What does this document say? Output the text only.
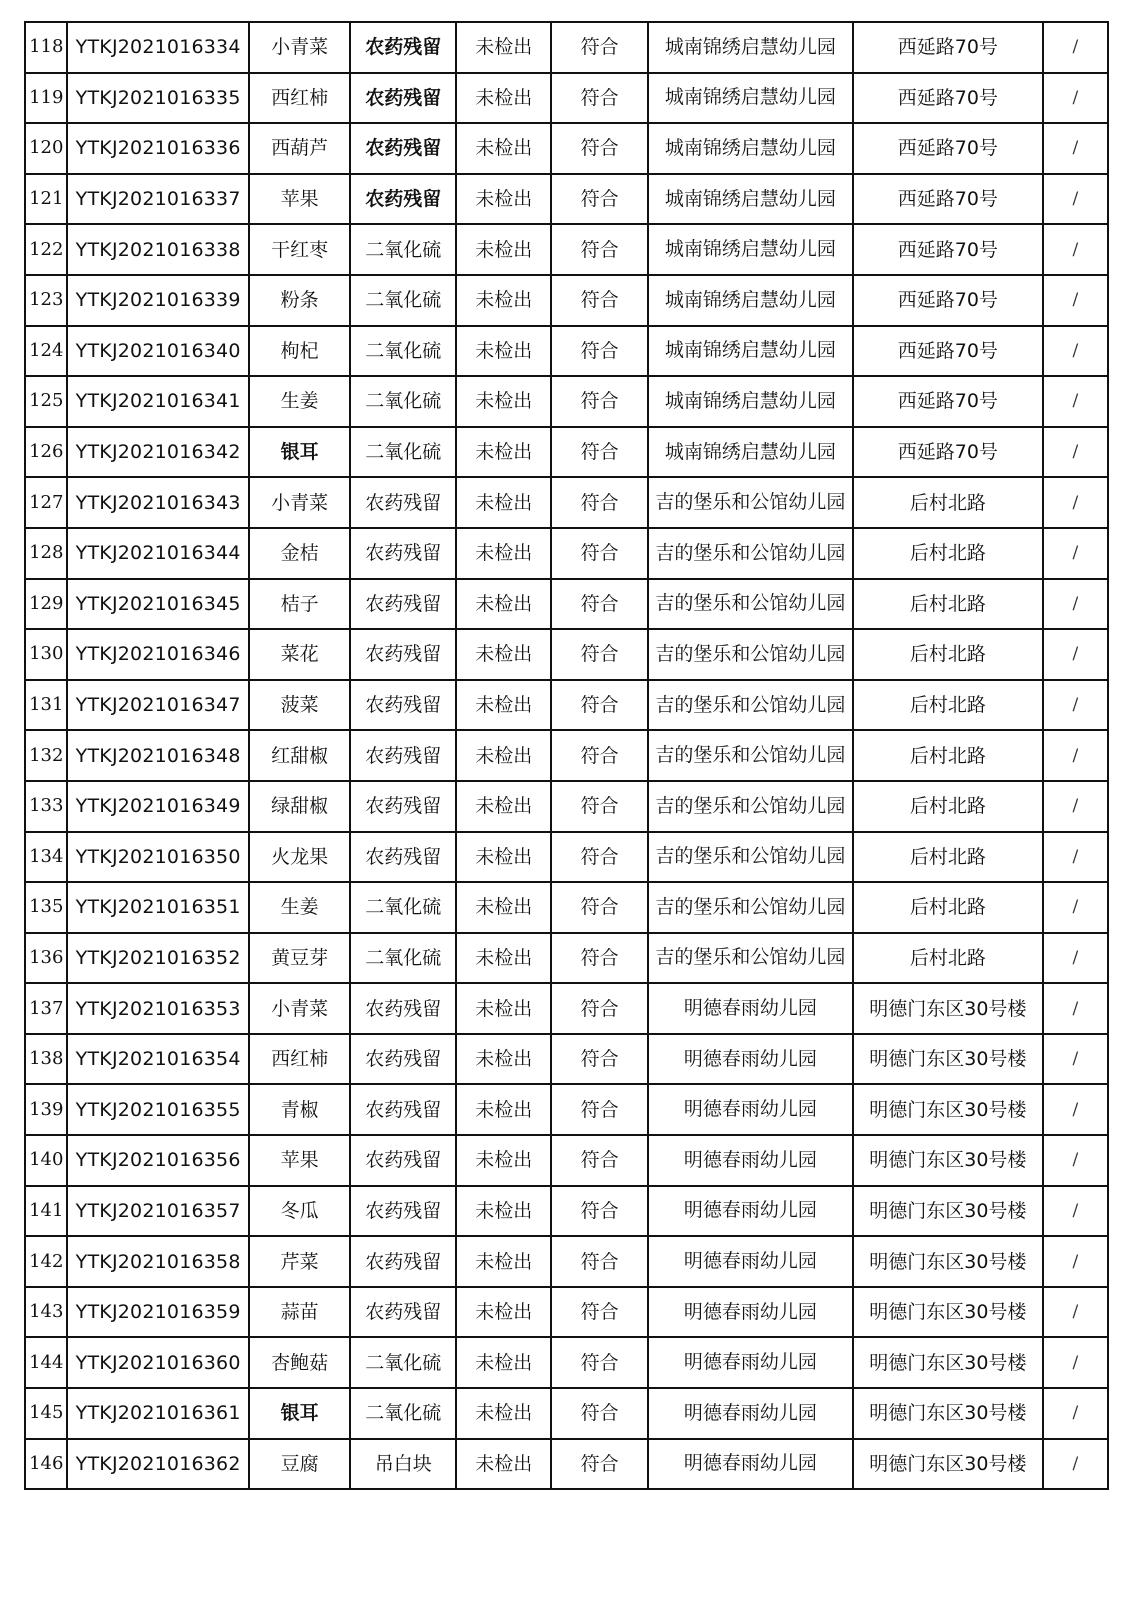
118	YTKJ2021016334	小青菜	农药残留	未检出	符合	城南锦绣启慧幼儿园	西延路70号	/
119	YTKJ2021016335	西红柿	农药残留	未检出	符合	城南锦绣启慧幼儿园	西延路70号	/
120	YTKJ2021016336	西葫芦	农药残留	未检出	符合	城南锦绣启慧幼儿园	西延路70号	/
121	YTKJ2021016337	苹果	农药残留	未检出	符合	城南锦绣启慧幼儿园	西延路70号	/
122	YTKJ2021016338	干红枣	二氧化硫	未检出	符合	城南锦绣启慧幼儿园	西延路70号	/
123	YTKJ2021016339	粉条	二氧化硫	未检出	符合	城南锦绣启慧幼儿园	西延路70号	/
124	YTKJ2021016340	枸杞	二氧化硫	未检出	符合	城南锦绣启慧幼儿园	西延路70号	/
125	YTKJ2021016341	生姜	二氧化硫	未检出	符合	城南锦绣启慧幼儿园	西延路70号	/
126	YTKJ2021016342	银耳	二氧化硫	未检出	符合	城南锦绣启慧幼儿园	西延路70号	/
127	YTKJ2021016343	小青菜	农药残留	未检出	符合	吉的堡乐和公馆幼儿园	后村北路	/
128	YTKJ2021016344	金桔	农药残留	未检出	符合	吉的堡乐和公馆幼儿园	后村北路	/
129	YTKJ2021016345	桔子	农药残留	未检出	符合	吉的堡乐和公馆幼儿园	后村北路	/
130	YTKJ2021016346	菜花	农药残留	未检出	符合	吉的堡乐和公馆幼儿园	后村北路	/
131	YTKJ2021016347	菠菜	农药残留	未检出	符合	吉的堡乐和公馆幼儿园	后村北路	/
132	YTKJ2021016348	红甜椒	农药残留	未检出	符合	吉的堡乐和公馆幼儿园	后村北路	/
133	YTKJ2021016349	绿甜椒	农药残留	未检出	符合	吉的堡乐和公馆幼儿园	后村北路	/
134	YTKJ2021016350	火龙果	农药残留	未检出	符合	吉的堡乐和公馆幼儿园	后村北路	/
135	YTKJ2021016351	生姜	二氧化硫	未检出	符合	吉的堡乐和公馆幼儿园	后村北路	/
136	YTKJ2021016352	黄豆芽	二氧化硫	未检出	符合	吉的堡乐和公馆幼儿园	后村北路	/
137	YTKJ2021016353	小青菜	农药残留	未检出	符合	明德春雨幼儿园	明德门东区30号楼	/
138	YTKJ2021016354	西红柿	农药残留	未检出	符合	明德春雨幼儿园	明德门东区30号楼	/
139	YTKJ2021016355	青椒	农药残留	未检出	符合	明德春雨幼儿园	明德门东区30号楼	/
140	YTKJ2021016356	苹果	农药残留	未检出	符合	明德春雨幼儿园	明德门东区30号楼	/
141	YTKJ2021016357	冬瓜	农药残留	未检出	符合	明德春雨幼儿园	明德门东区30号楼	/
142	YTKJ2021016358	芹菜	农药残留	未检出	符合	明德春雨幼儿园	明德门东区30号楼	/
143	YTKJ2021016359	蒜苗	农药残留	未检出	符合	明德春雨幼儿园	明德门东区30号楼	/
144	YTKJ2021016360	杏鲍菇	二氧化硫	未检出	符合	明德春雨幼儿园	明德门东区30号楼	/
145	YTKJ2021016361	银耳	二氧化硫	未检出	符合	明德春雨幼儿园	明德门东区30号楼	/
146	YTKJ2021016362	豆腐	吊白块	未检出	符合	明德春雨幼儿园	明德门东区30号楼	/
